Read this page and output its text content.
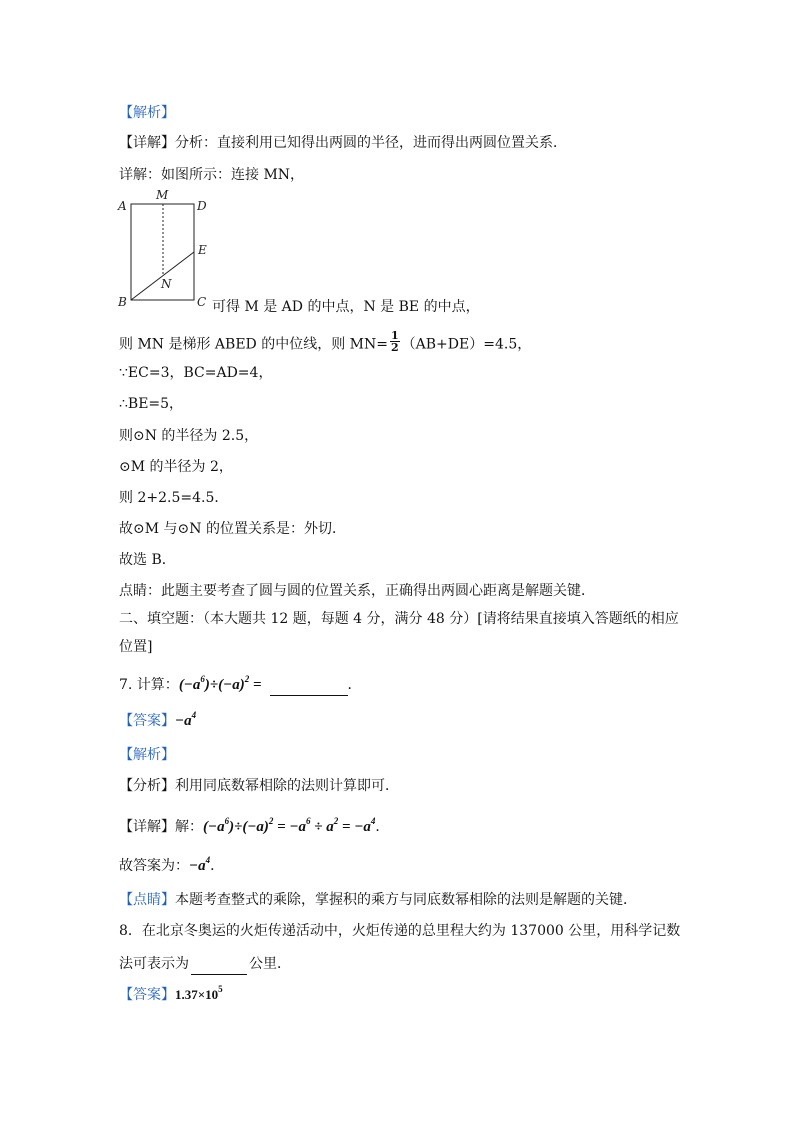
【解析】
【详解】分析：直接利用已知得出两圆的半径，进而得出两圆位置关系．
详解：如图所示：连接 MN，
A
M
D
E
N
B	C 可得 M 是 AD 的中点，N 是 BE 的中点，
则 MN 是梯形 ABED 的中位线，则 $MN= \frac{1}{2} (AB+DE)=4.5$，
∵EC=3，BC=AD=4，
∴BE=5，
则⊙N 的半径为 2.5，
⊙M 的半径为 2，
则 2+2.5=4.5．
故⊙M 与⊙N 的位置关系是：外切．
故选 B．
点睛：此题主要考查了圆与圆的位置关系，正确得出两圆心距离是解题关键．
二、填空题：（本大题共 12 题，每题 4 分，满分 48 分）[请将结果直接填入答题纸的相应
位置]
7. 计算：$(-a^6)\div(-a)^2$ =	．
【答案】$-a^4$
【解析】
【分析】利用同底数幂相除的法则计算即可．
【详解】解：$(-a^6)\div(-a)^2 = -a^6 \div a^2 = -a^4$．
故答案为：$-a^4$．
【点睛】本题考查整式的乘除，掌握积的乘方与同底数幂相除的法则是解题的关键．
8．在北京冬奥运的火炬传递活动中，火炬传递的总里程大约为 137000 公里，用科学记数
法可表示为	公里．
【答案】$1.37\times 10^5$
